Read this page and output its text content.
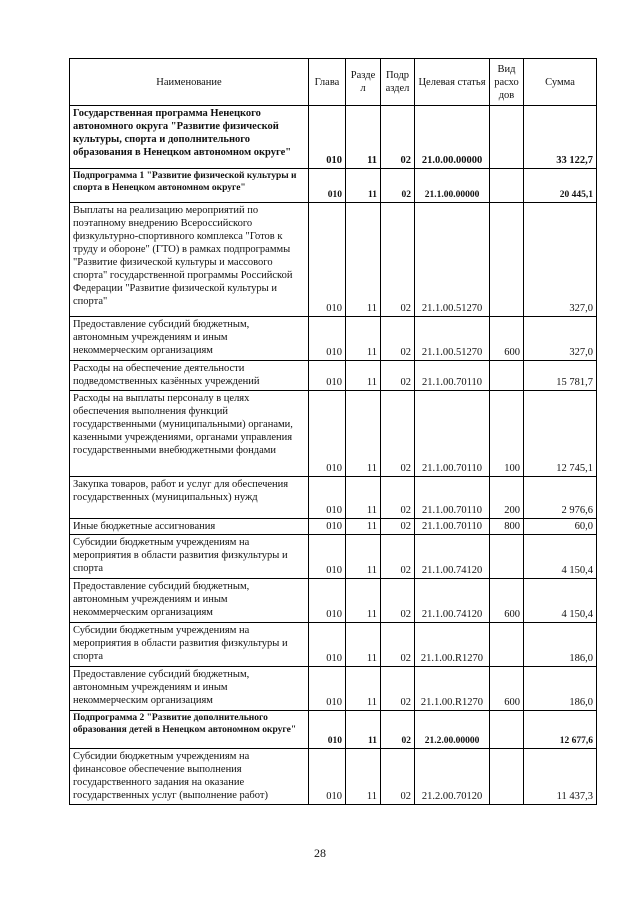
Наименование	Глава	Разде л	Подр аздел	Целевая статья	Вид расхо дов	Сумма
Государственная программа Ненецкого автономного округа "Развитие физической культуры, спорта и дополнительного образования в Ненецком автономном округе"	010	11	02	21.0.00.00000		33 122,7
Подпрограмма 1 "Развитие физической культуры и спорта в Ненецком автономном округе"	010	11	02	21.1.00.00000		20 445,1
Выплаты на реализацию мероприятий по поэтапному внедрению Всероссийского физкультурно-спортивного комплекса "Готов к труду и обороне" (ГТО) в рамках подпрограммы "Развитие физической культуры и массового спорта" государственной программы Российской Федерации "Развитие физической культуры и спорта"	010	11	02	21.1.00.51270		327,0
Предоставление субсидий бюджетным, автономным учреждениям и иным некоммерческим организациям	010	11	02	21.1.00.51270	600	327,0
Расходы на обеспечение деятельности подведомственных казённых учреждений	010	11	02	21.1.00.70110		15 781,7
Расходы на выплаты персоналу в целях обеспечения выполнения функций государственными (муниципальными) органами, казенными учреждениями, органами управления государственными внебюджетными фондами	010	11	02	21.1.00.70110	100	12 745,1
Закупка товаров, работ и услуг для обеспечения государственных (муниципальных) нужд	010	11	02	21.1.00.70110	200	2 976,6
Иные бюджетные ассигнования	010	11	02	21.1.00.70110	800	60,0
Субсидии бюджетным учреждениям на мероприятия в области развития физкультуры и спорта	010	11	02	21.1.00.74120		4 150,4
Предоставление субсидий бюджетным, автономным учреждениям и иным некоммерческим организациям	010	11	02	21.1.00.74120	600	4 150,4
Субсидии бюджетным учреждениям на мероприятия в области развития физкультуры и спорта	010	11	02	21.1.00.R1270		186,0
Предоставление субсидий бюджетным, автономным учреждениям и иным некоммерческим организациям	010	11	02	21.1.00.R1270	600	186,0
Подпрограмма 2 "Развитие дополнительного образования детей в Ненецком автономном округе"	010	11	02	21.2.00.00000		12 677,6
Субсидии бюджетным учреждениям на финансовое обеспечение выполнения государственного задания на оказание государственных услуг (выполнение работ)	010	11	02	21.2.00.70120		11 437,3
28
